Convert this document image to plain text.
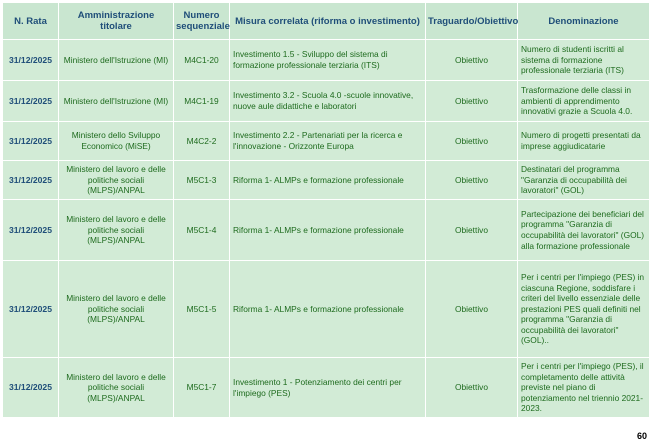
N. Rata	Amministrazione titolare	Numero sequenziale	Misura correlata (riforma o investimento)	Traguardo/Obiettivo	Denominazione
31/12/2025	Ministero dell'Istruzione (MI)	M4C1-20	Investimento 1.5 - Sviluppo del sistema di formazione professionale terziaria (ITS)	Obiettivo	Numero di studenti iscritti al sistema di formazione professionale terziaria (ITS)
31/12/2025	Ministero dell'Istruzione (MI)	M4C1-19	Investimento 3.2 - Scuola 4.0 -scuole innovative, nuove aule didattiche e laboratori	Obiettivo	Trasformazione delle classi in ambienti di apprendimento innovativi grazie a Scuola 4.0.
31/12/2025	Ministero dello Sviluppo Economico (MiSE)	M4C2-2	Investimento 2.2 - Partenariati per la ricerca e l'innovazione - Orizzonte Europa	Obiettivo	Numero di progetti presentati da imprese aggiudicatarie
31/12/2025	Ministero del lavoro e delle politiche sociali (MLPS)/ANPAL	M5C1-3	Riforma 1- ALMPs e formazione professionale	Obiettivo	Destinatari del programma "Garanzia di occupabilità dei lavoratori" (GOL)
31/12/2025	Ministero del lavoro e delle politiche sociali (MLPS)/ANPAL	M5C1-4	Riforma 1- ALMPs e formazione professionale	Obiettivo	Partecipazione dei beneficiari del programma "Garanzia di occupabilità dei lavoratori" (GOL) alla formazione professionale
31/12/2025	Ministero del lavoro e delle politiche sociali (MLPS)/ANPAL	M5C1-5	Riforma 1- ALMPs e formazione professionale	Obiettivo	Per i centri per l'impiego (PES) in ciascuna Regione, soddisfare i criteri del livello essenziale delle prestazioni PES quali definiti nel programma "Garanzia di occupabilità dei lavoratori" (GOL)..
31/12/2025	Ministero del lavoro e delle politiche sociali (MLPS)/ANPAL	M5C1-7	Investimento 1 - Potenziamento dei centri per l'impiego (PES)	Obiettivo	Per i centri per l'impiego (PES), il completamento delle attività previste nel piano di potenziamento nel triennio 2021-2023.
60
